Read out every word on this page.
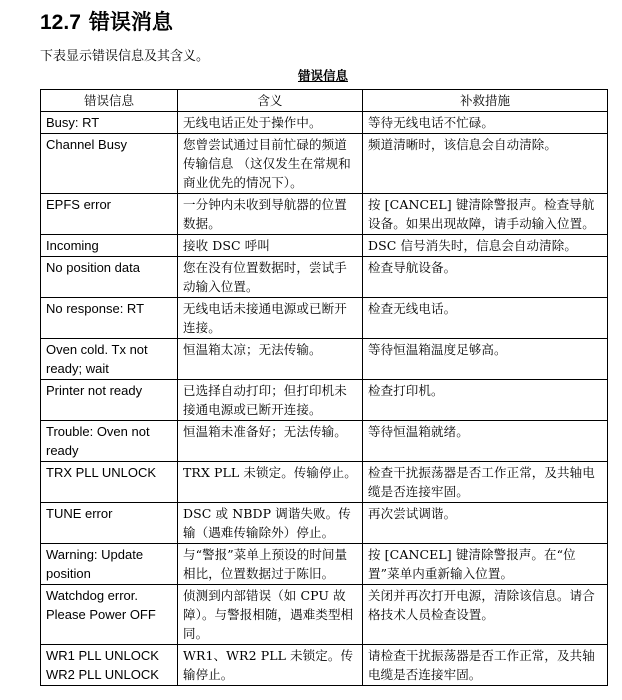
12.7 错误消息
下表显示错误信息及其含义。
错误信息
错误信息	含义	补救措施
Busy: RT	无线电话正处于操作中。	等待无线电话不忙碌。
Channel Busy	您曾尝试通过目前忙碌的频道传输信息 （这仅发生在常规和商业优先的情况下）。	频道清晰时，该信息会自动清除。
EPFS error	一分钟内未收到导航器的位置数据。	按 [CANCEL] 键清除警报声。检查导航设备。如果出现故障，请手动输入位置。
Incoming	接收 DSC 呼叫	DSC 信号消失时，信息会自动清除。
No position data	您在没有位置数据时，尝试手动输入位置。	检查导航设备。
No response: RT	无线电话未接通电源或已断开连接。	检查无线电话。
Oven cold. Tx not ready; wait	恒温箱太凉；无法传输。	等待恒温箱温度足够高。
Printer not ready	已选择自动打印；但打印机未接通电源或已断开连接。	检查打印机。
Trouble: Oven not ready	恒温箱未准备好；无法传输。	等待恒温箱就绪。
TRX PLL UNLOCK	TRX PLL 未锁定。传输停止。	检查干扰振荡器是否工作正常，及共轴电缆是否连接牢固。
TUNE error	DSC 或 NBDP 调谐失败。传输（遇难传输除外）停止。	再次尝试调谐。
Warning: Update position	与“警报”菜单上预设的时间量相比，位置数据过于陈旧。	按 [CANCEL] 键清除警报声。在“位置”菜单内重新输入位置。
Watchdog error. Please Power OFF	侦测到内部错误（如 CPU 故障）。与警报相随，遇难类型相同。	关闭并再次打开电源，清除该信息。请合格技术人员检查设置。
WR1 PLL UNLOCK WR2 PLL UNLOCK	WR1、WR2 PLL 未锁定。传输停止。	请检查干扰振荡器是否工作正常，及共轴电缆是否连接牢固。
